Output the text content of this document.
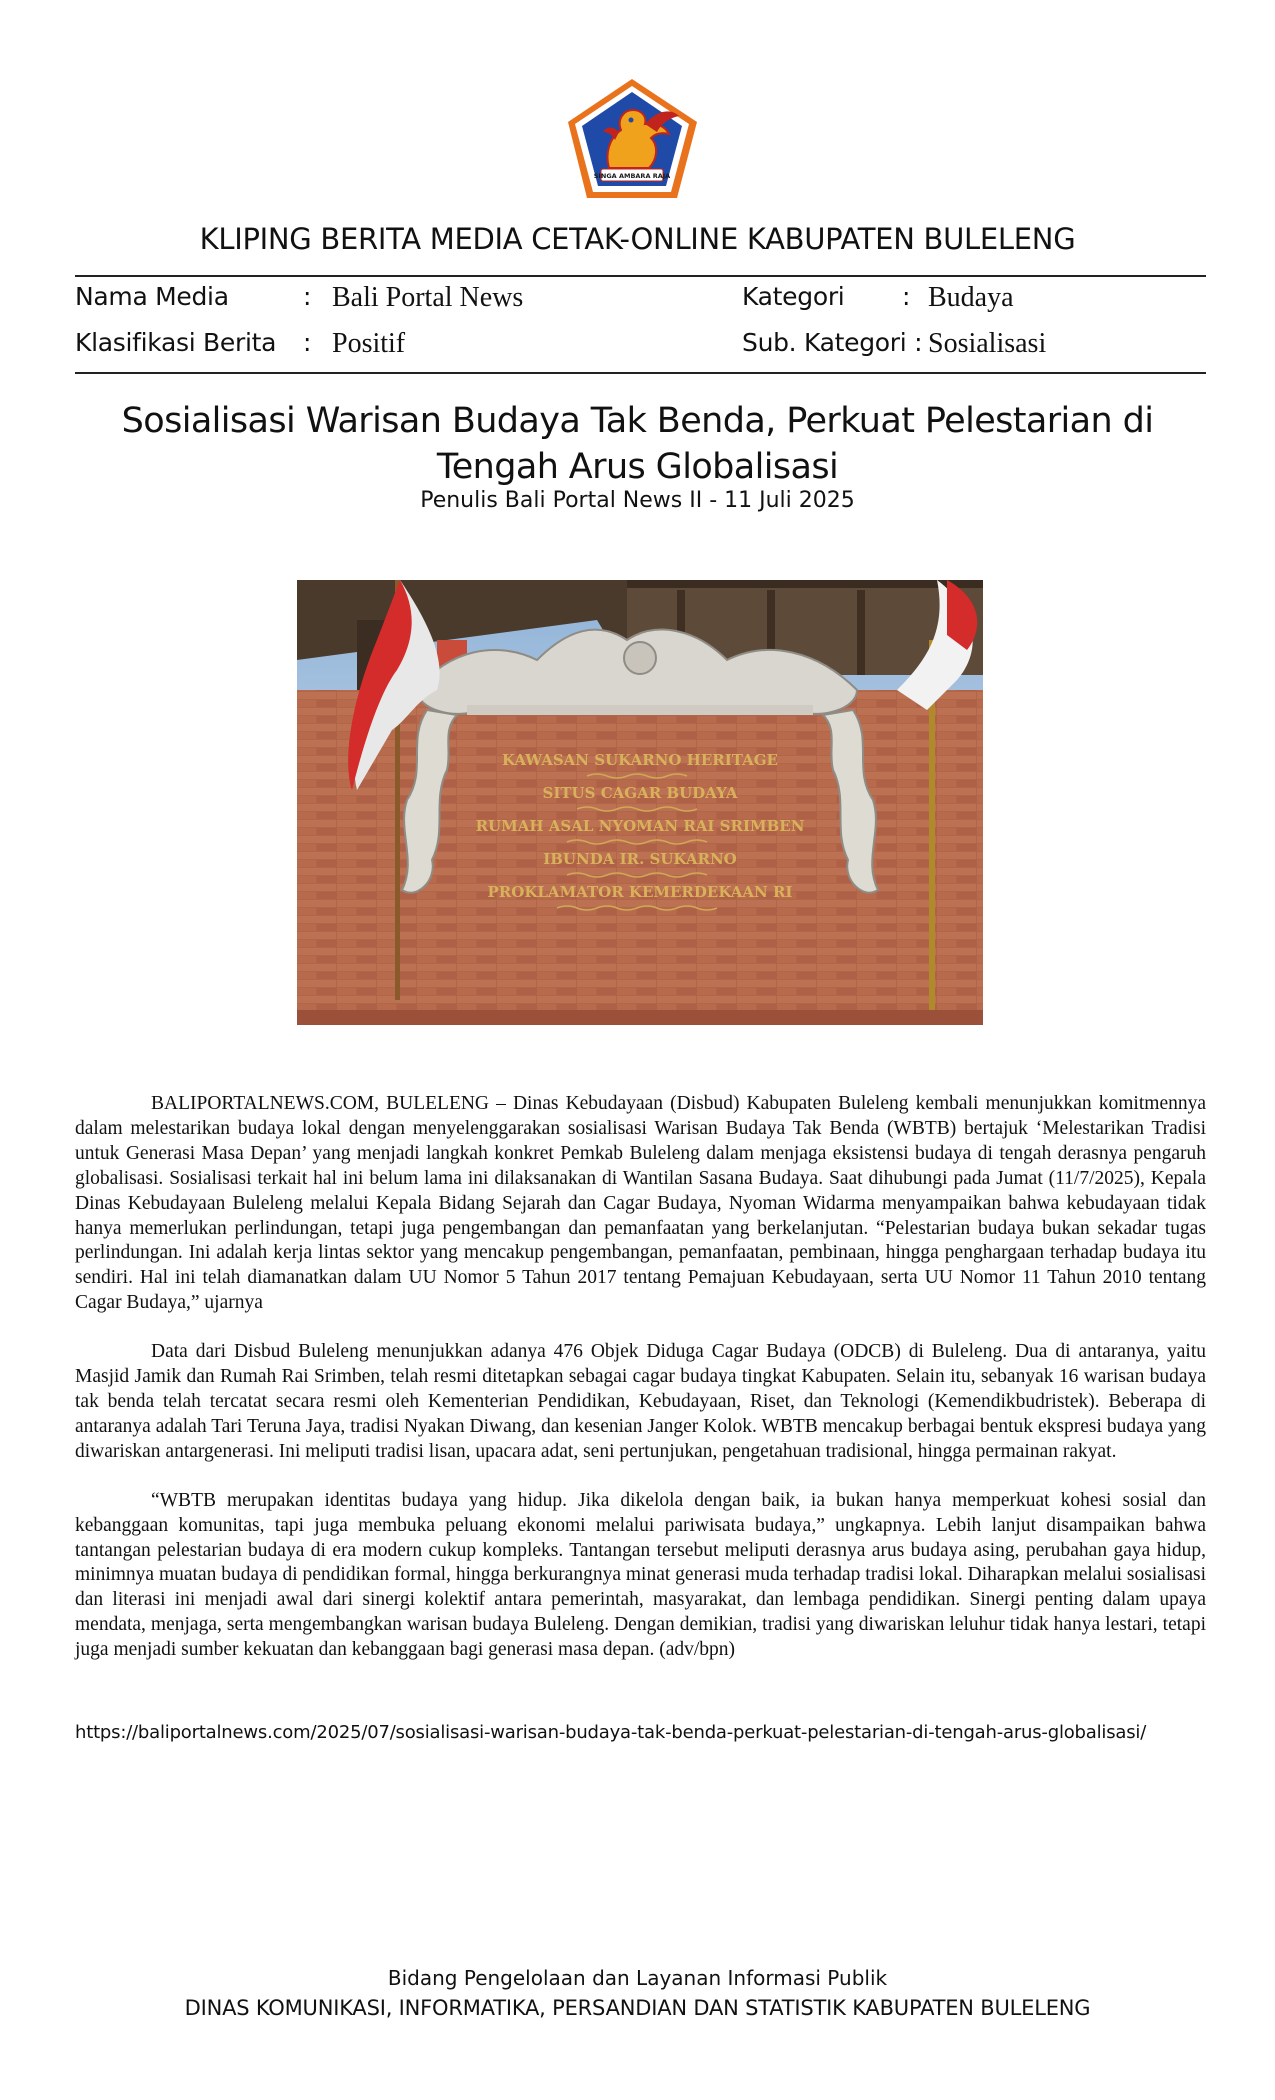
SINGA AMBARA RAJA
KLIPING BERITA MEDIA CETAK-ONLINE KABUPATEN BULELENG
Nama Media	: Bali Portal News	Kategori : Budaya
Klasifikasi Berita : Positif	Sub. Kategori : Sosialisasi
Sosialisasi Warisan Budaya Tak Benda, Perkuat Pelestarian di Tengah Arus Globalisasi
Penulis Bali Portal News II - 11 Juli 2025
KAWASAN SUKARNO HERITAGE
SITUS CAGAR BUDAYA
RUMAH ASAL NYOMAN RAI SRIMBEN
IBUNDA IR. SUKARNO
PROKLAMATOR KEMERDEKAAN RI

BALIPORTALNEWS.COM, BULELENG – Dinas Kebudayaan (Disbud) Kabupaten Buleleng kembali menunjukkan komitmennya dalam melestarikan budaya lokal dengan menyelenggarakan sosialisasi Warisan Budaya Tak Benda (WBTB) bertajuk ‘Melestarikan Tradisi untuk Generasi Masa Depan’ yang menjadi langkah konkret Pemkab Buleleng dalam menjaga eksistensi budaya di tengah derasnya pengaruh globalisasi. Sosialisasi terkait hal ini belum lama ini dilaksanakan di Wantilan Sasana Budaya. Saat dihubungi pada Jumat (11/7/2025), Kepala Dinas Kebudayaan Buleleng melalui Kepala Bidang Sejarah dan Cagar Budaya, Nyoman Widarma menyampaikan bahwa kebudayaan tidak hanya memerlukan perlindungan, tetapi juga pengembangan dan pemanfaatan yang berkelanjutan. “Pelestarian budaya bukan sekadar tugas perlindungan. Ini adalah kerja lintas sektor yang mencakup pengembangan, pemanfaatan, pembinaan, hingga penghargaan terhadap budaya itu sendiri. Hal ini telah diamanatkan dalam UU Nomor 5 Tahun 2017 tentang Pemajuan Kebudayaan, serta UU Nomor 11 Tahun 2010 tentang Cagar Budaya,” ujarnya

Data dari Disbud Buleleng menunjukkan adanya 476 Objek Diduga Cagar Budaya (ODCB) di Buleleng. Dua di antaranya, yaitu Masjid Jamik dan Rumah Rai Srimben, telah resmi ditetapkan sebagai cagar budaya tingkat Kabupaten. Selain itu, sebanyak 16 warisan budaya tak benda telah tercatat secara resmi oleh Kementerian Pendidikan, Kebudayaan, Riset, dan Teknologi (Kemendikbudristek). Beberapa di antaranya adalah Tari Teruna Jaya, tradisi Nyakan Diwang, dan kesenian Janger Kolok. WBTB mencakup berbagai bentuk ekspresi budaya yang diwariskan antargenerasi. Ini meliputi tradisi lisan, upacara adat, seni pertunjukan, pengetahuan tradisional, hingga permainan rakyat.

“WBTB merupakan identitas budaya yang hidup. Jika dikelola dengan baik, ia bukan hanya memperkuat kohesi sosial dan kebanggaan komunitas, tapi juga membuka peluang ekonomi melalui pariwisata budaya,” ungkapnya. Lebih lanjut disampaikan bahwa tantangan pelestarian budaya di era modern cukup kompleks. Tantangan tersebut meliputi derasnya arus budaya asing, perubahan gaya hidup, minimnya muatan budaya di pendidikan formal, hingga berkurangnya minat generasi muda terhadap tradisi lokal. Diharapkan melalui sosialisasi dan literasi ini menjadi awal dari sinergi kolektif antara pemerintah, masyarakat, dan lembaga pendidikan. Sinergi penting dalam upaya mendata, menjaga, serta mengembangkan warisan budaya Buleleng. Dengan demikian, tradisi yang diwariskan leluhur tidak hanya lestari, tetapi juga menjadi sumber kekuatan dan kebanggaan bagi generasi masa depan. (adv/bpn)

https://baliportalnews.com/2025/07/sosialisasi-warisan-budaya-tak-benda-perkuat-pelestarian-di-tengah-arus-globalisasi/
Bidang Pengelolaan dan Layanan Informasi Publik
DINAS KOMUNIKASI, INFORMATIKA, PERSANDIAN DAN STATISTIK KABUPATEN BULELENG
